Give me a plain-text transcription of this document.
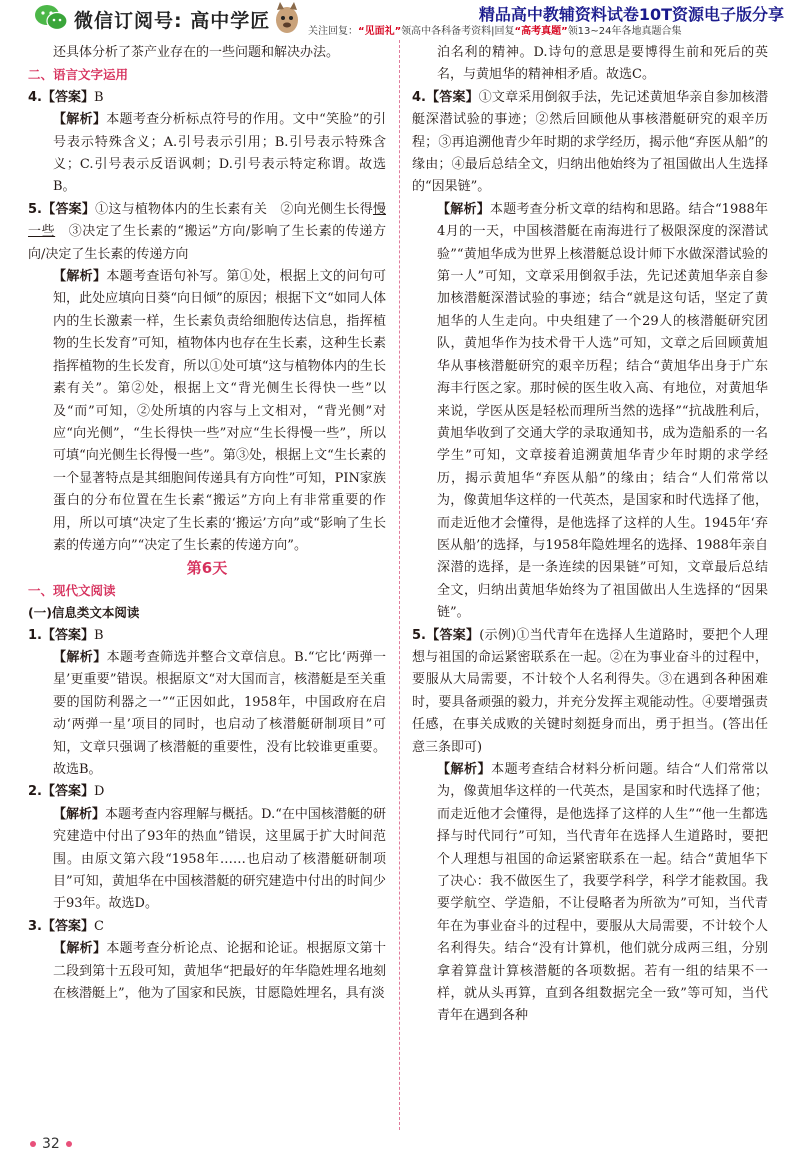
微信订阅号: 高中学匠	精品高中教辅资料试卷10T资源电子版分享
关注回复：“见面礼”领高中各科备考资料|回复“高考真题”领13~24年各地真题合集

还具体分析了茶产业存在的一些问题和解决办法。

二、语言文字运用

4.【答案】B

【解析】本题考查分析标点符号的作用。文中“笑脸”的引号表示特殊含义；A.引号表示引用；B.引号表示特殊含义；C.引号表示反语讽刺；D.引号表示特定称谓。故选B。

5.【答案】①这与植物体内的生长素有关　②向光侧生长得慢一些　③决定了生长素的“搬运”方向/影响了生长素的传递方向/决定了生长素的传递方向

【解析】本题考查语句补写。第①处，根据上文的问句可知，此处应填向日葵“向日倾”的原因；根据下文“如同人体内的生长激素一样，生长素负责给细胞传达信息，指挥植物的生长发育”可知，植物体内也存在生长素，这种生长素指挥植物的生长发育，所以①处可填“这与植物体内的生长素有关”。第②处，根据上文“背光侧生长得快一些”以及“而”可知，②处所填的内容与上文相对，“背光侧”对应“向光侧”，“生长得快一些”对应“生长得慢一些”，所以可填“向光侧生长得慢一些”。第③处，根据上文“生长素的一个显著特点是其细胞间传递具有方向性”可知，PIN家族蛋白的分布位置在生长素“搬运”方向上有非常重要的作用，所以可填“决定了生长素的‘搬运’方向”或“影响了生长素的传递方向”“决定了生长素的传递方向”。

第6天

一、现代文阅读

(一)信息类文本阅读

1.【答案】B

【解析】本题考查筛选并整合文章信息。B.“它比‘两弹一星’更重要”错误。根据原文“对大国而言，核潜艇是至关重要的国防利器之一”“正因如此，1958年，中国政府在启动‘两弹一星’项目的同时，也启动了核潜艇研制项目”可知，文章只强调了核潜艇的重要性，没有比较谁更重要。故选B。

2.【答案】D

【解析】本题考查内容理解与概括。D.“在中国核潜艇的研究建造中付出了93年的热血”错误，这里属于扩大时间范围。由原文第六段“1958年……也启动了核潜艇研制项目”可知，黄旭华在中国核潜艇的研究建造中付出的时间少于93年。故选D。

3.【答案】C

【解析】本题考查分析论点、论据和论证。根据原文第十二段到第十五段可知，黄旭华“把最好的年华隐姓埋名地刻在核潜艇上”，他为了国家和民族，甘愿隐姓埋名，具有淡

泊名利的精神。D.诗句的意思是要博得生前和死后的英名，与黄旭华的精神相矛盾。故选C。

4.【答案】①文章采用倒叙手法，先记述黄旭华亲自参加核潜艇深潜试验的事迹；②然后回顾他从事核潜艇研究的艰辛历程；③再追溯他青少年时期的求学经历，揭示他“弃医从船”的缘由；④最后总结全文，归纳出他始终为了祖国做出人生选择的“因果链”。

【解析】本题考查分析文章的结构和思路。结合“1988年4月的一天，中国核潜艇在南海进行了极限深度的深潜试验”“黄旭华成为世界上核潜艇总设计师下水做深潜试验的第一人”可知，文章采用倒叙手法，先记述黄旭华亲自参加核潜艇深潜试验的事迹；结合“就是这句话，坚定了黄旭华的人生走向。中央组建了一个29人的核潜艇研究团队，黄旭华作为技术骨干人选”可知，文章之后回顾黄旭华从事核潜艇研究的艰辛历程；结合“黄旭华出身于广东海丰行医之家。那时候的医生收入高、有地位，对黄旭华来说，学医从医是轻松而理所当然的选择”“抗战胜利后，黄旭华收到了交通大学的录取通知书，成为造船系的一名学生”可知，文章接着追溯黄旭华青少年时期的求学经历，揭示黄旭华“弃医从船”的缘由；结合“人们常常以为，像黄旭华这样的一代英杰，是国家和时代选择了他，而走近他才会懂得，是他选择了这样的人生。1945年‘弃医从船’的选择，与1958年隐姓埋名的选择、1988年亲自深潜的选择，是一条连续的因果链”可知，文章最后总结全文，归纳出黄旭华始终为了祖国做出人生选择的“因果链”。

5.【答案】(示例)①当代青年在选择人生道路时，要把个人理想与祖国的命运紧密联系在一起。②在为事业奋斗的过程中，要服从大局需要，不计较个人名利得失。③在遇到各种困难时，要具备顽强的毅力，并充分发挥主观能动性。④要增强责任感，在事关成败的关键时刻挺身而出，勇于担当。(答出任意三条即可)

【解析】本题考查结合材料分析问题。结合“人们常常以为，像黄旭华这样的一代英杰，是国家和时代选择了他；而走近他才会懂得，是他选择了这样的人生”“他一生都选择与时代同行”可知，当代青年在选择人生道路时，要把个人理想与祖国的命运紧密联系在一起。结合“黄旭华下了决心：我不做医生了，我要学科学，科学才能救国。我要学航空、学造船，不让侵略者为所欲为”可知，当代青年在为事业奋斗的过程中，要服从大局需要，不计较个人名利得失。结合“没有计算机，他们就分成两三组，分别拿着算盘计算核潜艇的各项数据。若有一组的结果不一样，就从头再算，直到各组数据完全一致”等可知，当代青年在遇到各种

32
